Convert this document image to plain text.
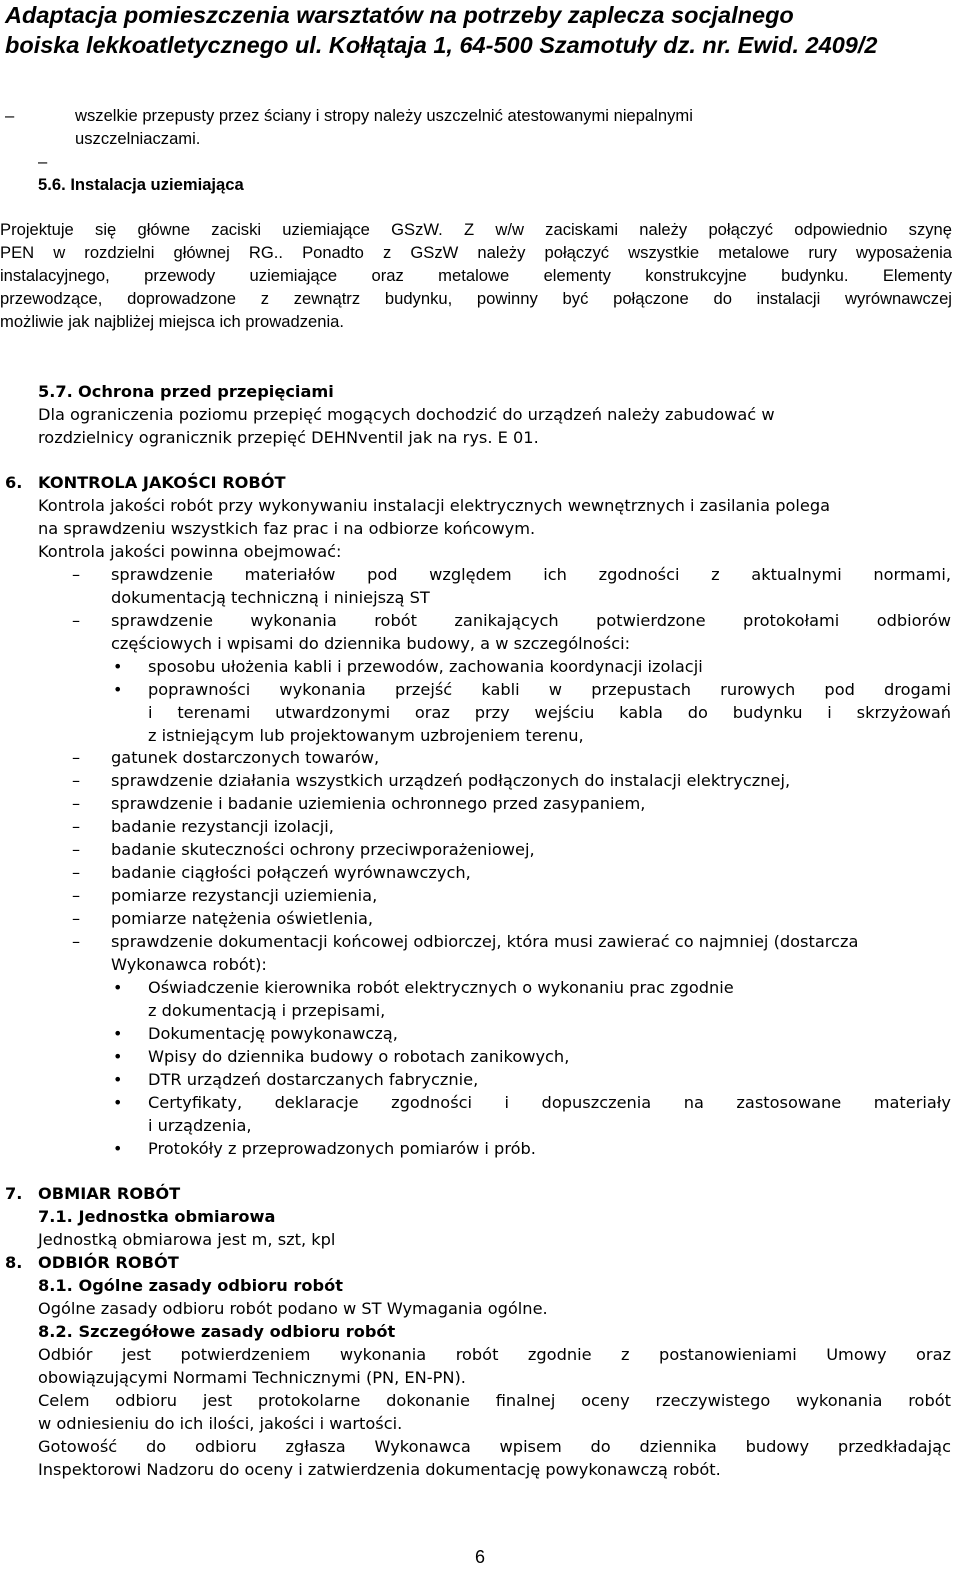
Adaptacja pomieszczenia warsztatów na potrzeby zaplecza socjalnego
boiska lekkoatletycznego ul. Kołłątaja 1, 64-500 Szamotuły dz. nr. Ewid. 2409/2
–	wszelkie przepusty przez ściany i stropy należy uszczelnić atestowanymi niepalnymi
uszczelniaczami.
–
5.6. Instalacja uziemiająca
Projektuje się główne zaciski uziemiające GSzW. Z w/w zaciskami należy połączyć odpowiednio szynę
PEN w rozdzielni głównej RG.. Ponadto z GSzW należy połączyć wszystkie metalowe rury wyposażenia
instalacyjnego, przewody uziemiające oraz metalowe elementy konstrukcyjne budynku. Elementy
przewodzące, doprowadzone z zewnątrz budynku, powinny być połączone do instalacji wyrównawczej
możliwie jak najbliżej miejsca ich prowadzenia.
5.7. Ochrona przed przepięciami
Dla ograniczenia poziomu przepięć mogących dochodzić do urządzeń należy zabudować w
rozdzielnicy ogranicznik przepięć DEHNventil jak na rys. E 01.
6. KONTROLA JAKOŚCI ROBÓT
Kontrola jakości robót przy wykonywaniu instalacji elektrycznych wewnętrznych i zasilania polega
na sprawdzeniu wszystkich faz prac i na odbiorze końcowym.
Kontrola jakości powinna obejmować:
– sprawdzenie materiałów pod względem ich zgodności z aktualnymi normami,
dokumentacją techniczną i niniejszą ST
– sprawdzenie wykonania robót zanikających potwierdzone protokołami odbiorów
częściowych i wpisami do dziennika budowy, a w szczególności:
• sposobu ułożenia kabli i przewodów, zachowania koordynacji izolacji
• poprawności wykonania przejść kabli w przepustach rurowych pod drogami
i terenami utwardzonymi oraz przy wejściu kabla do budynku i skrzyżowań
z istniejącym lub projektowanym uzbrojeniem terenu,
– gatunek dostarczonych towarów,
– sprawdzenie działania wszystkich urządzeń podłączonych do instalacji elektrycznej,
– sprawdzenie i badanie uziemienia ochronnego przed zasypaniem,
– badanie rezystancji izolacji,
– badanie skuteczności ochrony przeciwporażeniowej,
– badanie ciągłości połączeń wyrównawczych,
– pomiarze rezystancji uziemienia,
– pomiarze natężenia oświetlenia,
– sprawdzenie dokumentacji końcowej odbiorczej, która musi zawierać co najmniej (dostarcza
Wykonawca robót):
• Oświadczenie kierownika robót elektrycznych o wykonaniu prac zgodnie
z dokumentacją i przepisami,
• Dokumentację powykonawczą,
• Wpisy do dziennika budowy o robotach zanikowych,
• DTR urządzeń dostarczanych fabrycznie,
• Certyfikaty, deklaracje zgodności i dopuszczenia na zastosowane materiały
i urządzenia,
• Protokóły z przeprowadzonych pomiarów i prób.
7. OBMIAR ROBÓT
7.1. Jednostka obmiarowa
Jednostką obmiarowa jest m, szt, kpl
8. ODBIÓR ROBÓT
8.1. Ogólne zasady odbioru robót
Ogólne zasady odbioru robót podano w ST Wymagania ogólne.
8.2. Szczegółowe zasady odbioru robót
Odbiór jest potwierdzeniem wykonania robót zgodnie z postanowieniami Umowy oraz
obowiązującymi Normami Technicznymi (PN, EN-PN).
Celem odbioru jest protokolarne dokonanie finalnej oceny rzeczywistego wykonania robót
w odniesieniu do ich ilości, jakości i wartości.
Gotowość do odbioru zgłasza Wykonawca wpisem do dziennika budowy przedkładając
Inspektorowi Nadzoru do oceny i zatwierdzenia dokumentację powykonawczą robót.
6
